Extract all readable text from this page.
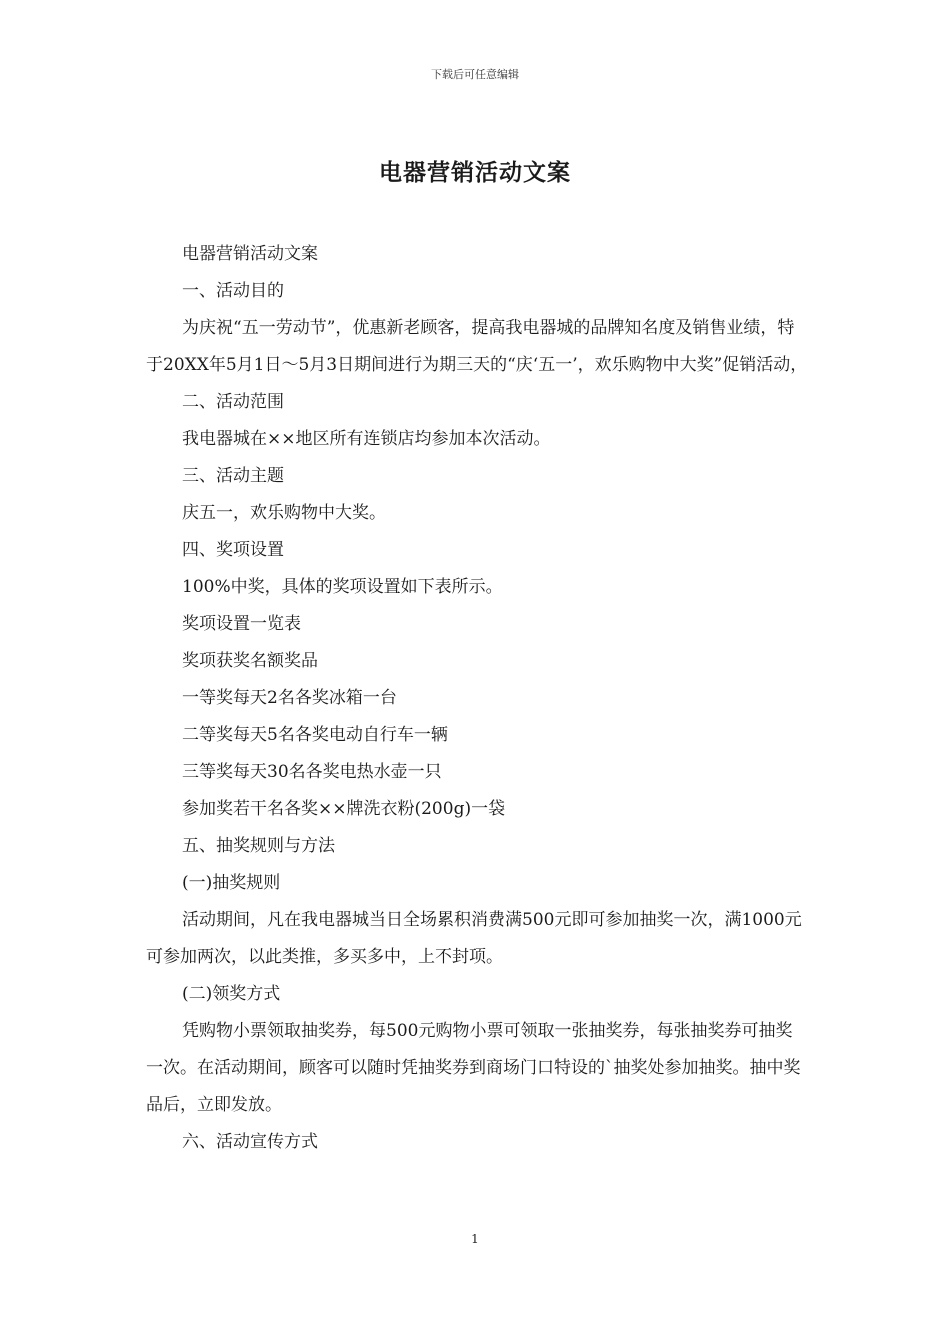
下载后可任意编辑
电器营销活动文案

电器营销活动文案

一、活动目的

为庆祝“五一劳动节”，优惠新老顾客，提高我电器城的品牌知名度及销售业绩，特于20XX年5月1日～5月3日期间进行为期三天的“庆‘五一’，欢乐购物中大奖”促销活动，

二、活动范围

我电器城在××地区所有连锁店均参加本次活动。

三、活动主题

庆五一，欢乐购物中大奖。

四、奖项设置

100%中奖，具体的奖项设置如下表所示。

奖项设置一览表

奖项获奖名额奖品

一等奖每天2名各奖冰箱一台

二等奖每天5名各奖电动自行车一辆

三等奖每天30名各奖电热水壶一只

参加奖若干名各奖××牌洗衣粉(200g)一袋

五、抽奖规则与方法

(一)抽奖规则

活动期间，凡在我电器城当日全场累积消费满500元即可参加抽奖一次，满1000元可参加两次，以此类推，多买多中，上不封项。

(二)领奖方式

凭购物小票领取抽奖券，每500元购物小票可领取一张抽奖券，每张抽奖券可抽奖一次。在活动期间，顾客可以随时凭抽奖券到商场门口特设的`抽奖处参加抽奖。抽中奖品后，立即发放。

六、活动宣传方式

1
